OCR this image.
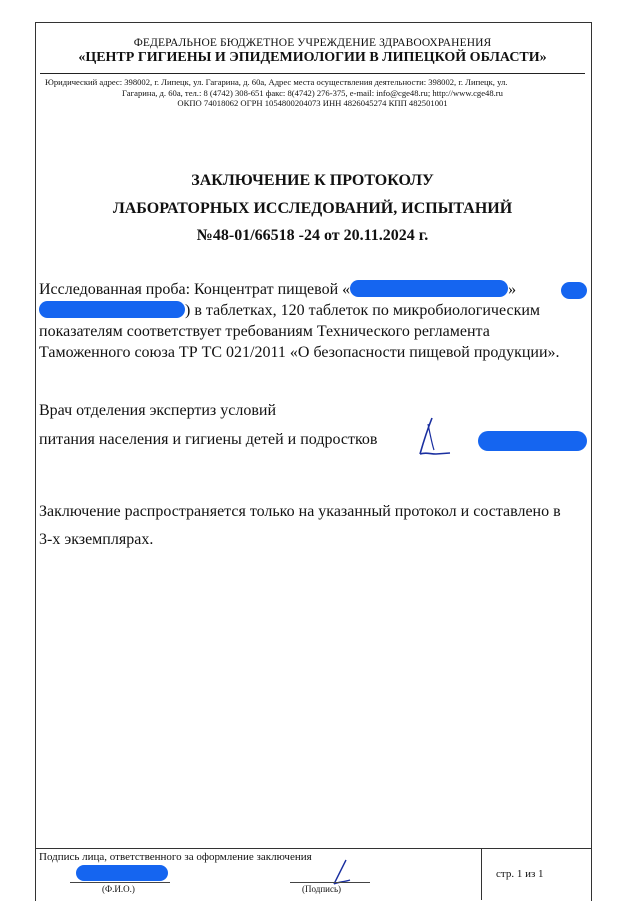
ФЕДЕРАЛЬНОЕ БЮДЖЕТНОЕ УЧРЕЖДЕНИЕ ЗДРАВООХРАНЕНИЯ
«ЦЕНТР ГИГИЕНЫ И ЭПИДЕМИОЛОГИИ В ЛИПЕЦКОЙ ОБЛАСТИ»
Юридический адрес: 398002, г. Липецк, ул. Гагарина, д. 60а, Адрес места осуществления деятельности: 398002, г. Липецк, ул.
Гагарина, д. 60а, тел.: 8 (4742) 308-651 факс: 8(4742) 276-375, e-mail: info@cge48.ru; http://www.cge48.ru
ОКПО 74018062 ОГРН 1054800204073 ИНН 4826045274 КПП 482501001
ЗАКЛЮЧЕНИЕ К ПРОТОКОЛУ
ЛАБОРАТОРНЫХ ИССЛЕДОВАНИЙ, ИСПЫТАНИЙ
№48-01/66518 -24 от 20.11.2024 г.
Исследованная проба: Концентрат пищевой «	»
) в таблетках, 120 таблеток по микробиологическим
показателям соответствует требованиям Технического регламента
Таможенного союза ТР ТС 021/2011 «О безопасности пищевой продукции».
Врач отделения экспертиз условий
питания населения и гигиены детей и подростков
Заключение распространяется только на указанный протокол и составлено в
3-х экземплярах.
Подпись лица, ответственного за оформление заключения
(Ф.И.О.)	(Подпись)
стр. 1 из 1
